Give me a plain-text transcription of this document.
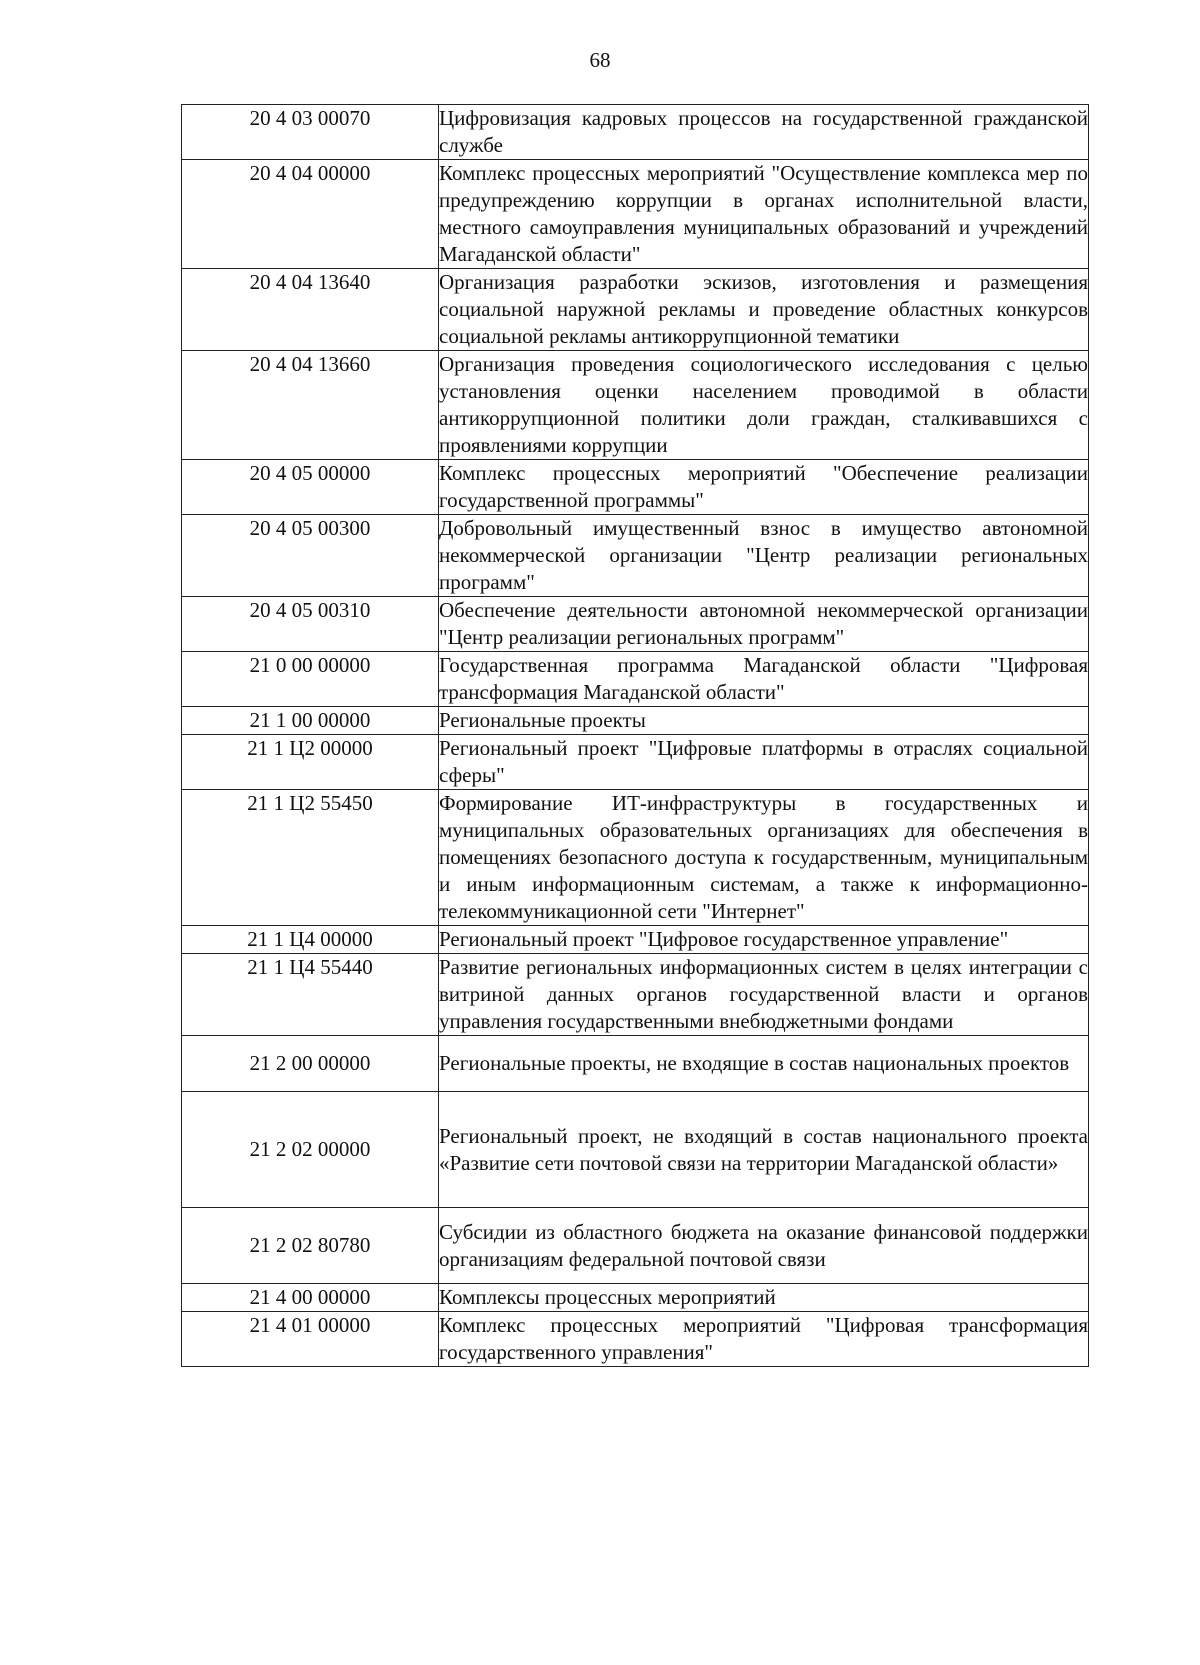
68
20 4 03 00070	Цифровизация кадровых процессов на государственной гражданской службе
20 4 04 00000	Комплекс процессных мероприятий "Осуществление комплекса мер по предупреждению коррупции в органах исполнительной власти, местного самоуправления муниципальных образований и учреждений Магаданской области"
20 4 04 13640	Организация разработки эскизов, изготовления и размещения социальной наружной рекламы и проведение областных конкурсов социальной рекламы антикоррупционной тематики
20 4 04 13660	Организация проведения социологического исследования с целью установления оценки населением проводимой в области антикоррупционной политики доли граждан, сталкивавшихся с проявлениями коррупции
20 4 05 00000	Комплекс процессных мероприятий "Обеспечение реализации государственной программы"
20 4 05 00300	Добровольный имущественный взнос в имущество автономной некоммерческой организации "Центр реализации региональных программ"
20 4 05 00310	Обеспечение деятельности автономной некоммерческой организации "Центр реализации региональных программ"
21 0 00 00000	Государственная программа Магаданской области "Цифровая трансформация Магаданской области"
21 1 00 00000	Региональные проекты
21 1 Ц2 00000	Региональный проект "Цифровые платформы в отраслях социальной сферы"
21 1 Ц2 55450	Формирование ИТ-инфраструктуры в государственных и муниципальных образовательных организациях для обеспечения в помещениях безопасного доступа к государственным, муниципальным и иным информационным системам, а также к информационно-телекоммуникационной сети "Интернет"
21 1 Ц4 00000	Региональный проект "Цифровое государственное управление"
21 1 Ц4 55440	Развитие региональных информационных систем в целях интеграции с витриной данных органов государственной власти и органов управления государственными внебюджетными фондами
21 2 00 00000	Региональные проекты, не входящие в состав национальных проектов
21 2 02 00000	Региональный проект, не входящий в состав национального проекта «Развитие сети почтовой связи на территории Магаданской области»
21 2 02 80780	Субсидии из областного бюджета на оказание финансовой поддержки организациям федеральной почтовой связи
21 4 00 00000	Комплексы процессных мероприятий
21 4 01 00000	Комплекс процессных мероприятий "Цифровая трансформация государственного управления"
